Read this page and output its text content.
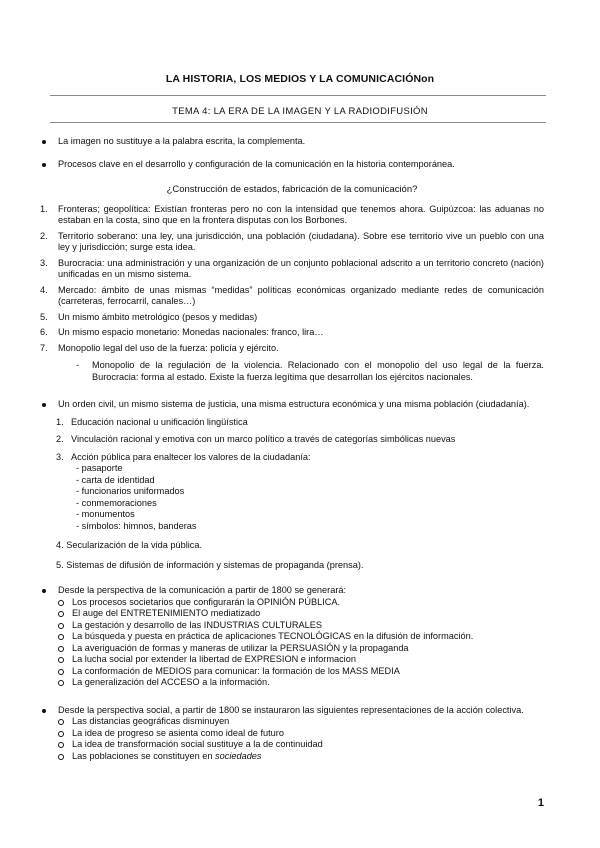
LA HISTORIA, LOS MEDIOS Y LA COMUNICACIÓNon
TEMA 4: LA ERA DE LA IMAGEN Y LA RADIODIFUSIÓN
La imagen no sustituye a la palabra escrita, la complementa.
Procesos clave en el desarrollo y configuración de la comunicación en la historia contemporánea.
¿Construcción de estados, fabricación de la comunicación?
1. Fronteras; geopolítica: Existían fronteras pero no con la intensidad que tenemos ahora. Guipúzcoa: las aduanas no estaban en la costa, sino que en la frontera disputas con los Borbones.
2. Territorio soberano: una ley, una jurisdicción, una población (ciudadana). Sobre ese territorio vive un pueblo con una ley y jurisdicción; surge esta idea.
3. Burocracia: una administración y una organización de un conjunto poblacional adscrito a un territorio concreto (nación) unificadas en un mismo sistema.
4. Mercado: ámbito de unas mismas “medidas” políticas económicas organizado mediante redes de comunicación (carreteras, ferrocarril, canales…)
5. Un mismo ámbito metrológico (pesos y medidas)
6. Un mismo espacio monetario: Monedas nacionales: franco, lira…
7. Monopolio legal del uso de la fuerza: policía y ejército.
- Monopolio de la regulación de la violencia. Relacionado con el monopolio del uso legal de la fuerza. Burocracia: forma al estado. Existe la fuerza legítima que desarrollan los ejércitos nacionales.
Un orden civil, un mismo sistema de justicia, una misma estructura económica y una misma población (ciudadanía).
1. Educación nacional u unificación lingüística
2. Vinculación racional y emotiva con un marco político a través de categorías simbólicas nuevas
3. Acción pública para enaltecer los valores de la ciudadanía:
- pasaporte
- carta de identidad
- funcionarios uniformados
- conmemoraciones
- monumentos
- símbolos: himnos, banderas
4. Secularización de la vida pública.
5. Sistemas de difusión de información y sistemas de propaganda (prensa).
Desde la perspectiva de la comunicación a partir de 1800 se generará:
Los procesos societarios que configurarán la OPINIÓN PÚBLICA.
El auge del ENTRETENIMIENTO mediatizado
La gestación y desarrollo de las INDUSTRIAS CULTURALES
La búsqueda y puesta en práctica de aplicaciones TECNOLÓGICAS en la difusión de información.
La averiguación de formas y maneras de utilizar la PERSUASIÓN y la propaganda
La lucha social por extender la libertad de EXPRESION e informacion
La conformación de MEDIOS para comunicar: la formación de los MASS MEDIA
La generalización del ACCESO a la información.
Desde la perspectiva social, a partir de 1800 se instauraron las siguientes representaciones de la acción colectiva.
Las distancias geográficas disminuyen
La idea de progreso se asienta como ideal de futuro
La idea de transformación social sustituye a la de continuidad
Las poblaciones se constituyen en sociedades
1
